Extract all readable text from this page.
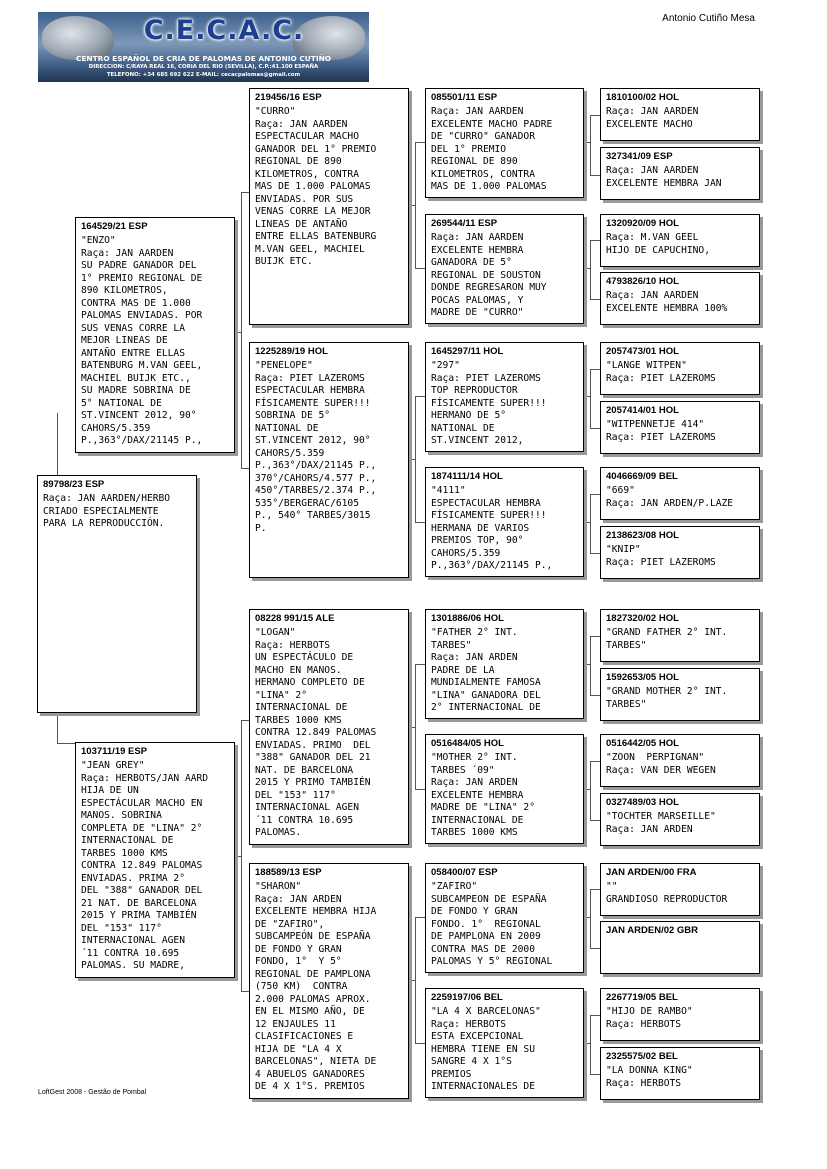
C.E.C.A.C.
CENTRO ESPAÑOL DE CRIA DE PALOMAS DE ANTONIO CUTIÑO
DIRECCION: C/RAYA REAL 16, CORIA DEL RIO (SEVILLA), C.P.:41.100 ESPAÑA
TELEFONO: +34 685 692 622 E-MAIL: cecacpalomas@gmail.com
Antonio Cutiño Mesa
89798/23 ESP
Raça: JAN AARDEN/HERBO
CRIADO ESPECIALMENTE
PARA LA REPRODUCCIÓN.
164529/21 ESP
"ENZO"
Raça: JAN AARDEN
SU PADRE GANADOR DEL
1° PREMIO REGIONAL DE
890 KILOMETROS,
CONTRA MAS DE 1.000
PALOMAS ENVIADAS. POR
SUS VENAS CORRE LA
MEJOR LINEAS DE
ANTAÑO ENTRE ELLAS
BATENBURG M.VAN GEEL,
MACHIEL BUIJK ETC.,
SU MADRE SOBRINA DE
5° NATIONAL DE
ST.VINCENT 2012, 90°
CAHORS/5.359
P.,363°/DAX/21145 P.,
103711/19 ESP
"JEAN GREY"
Raça: HERBOTS/JAN AARD
HIJA DE UN
ESPECTÁCULAR MACHO EN
MANOS. SOBRINA
COMPLETA DE "LINA" 2°
INTERNACIONAL DE
TARBES 1000 KMS
CONTRA 12.849 PALOMAS
ENVIADAS. PRIMA 2°
DEL "388" GANADOR DEL
21 NAT. DE BARCELONA
2015 Y PRIMA TAMBIÉN
DEL "153" 117°
INTERNACIONAL AGEN
´11 CONTRA 10.695
PALOMAS. SU MADRE,
219456/16 ESP
"CURRO"
Raça: JAN AARDEN
ESPECTACULAR MACHO
GANADOR DEL 1° PREMIO
REGIONAL DE 890
KILOMETROS, CONTRA
MAS DE 1.000 PALOMAS
ENVIADAS. POR SUS
VENAS CORRE LA MEJOR
LINEAS DE ANTAÑO
ENTRE ELLAS BATENBURG
M.VAN GEEL, MACHIEL
BUIJK ETC.
1225289/19 HOL
"PENELOPE"
Raça: PIET LAZEROMS
ESPECTACULAR HEMBRA
FÍSICAMENTE SUPER!!!
SOBRINA DE 5°
NATIONAL DE
ST.VINCENT 2012, 90°
CAHORS/5.359
P.,363°/DAX/21145 P.,
370°/CAHORS/4.577 P.,
450°/TARBES/2.374 P.,
535°/BERGERAC/6105
P., 540° TARBES/3015
P.
08228 991/15 ALE
"LOGAN"
Raça: HERBOTS
UN ESPECTÁCULO DE
MACHO EN MANOS.
HERMANO COMPLETO DE
"LINA" 2°
INTERNACIONAL DE
TARBES 1000 KMS
CONTRA 12.849 PALOMAS
ENVIADAS. PRIMO  DEL
"388" GANADOR DEL 21
NAT. DE BARCELONA
2015 Y PRIMO TAMBIÉN
DEL "153" 117°
INTERNACIONAL AGEN
´11 CONTRA 10.695
PALOMAS.
188589/13 ESP
"SHARON"
Raça: JAN ARDEN
EXCELENTE HEMBRA HIJA
DE "ZAFIRO",
SUBCAMPEÓN DE ESPAÑA
DE FONDO Y GRAN
FONDO, 1°  Y 5°
REGIONAL DE PAMPLONA
(750 KM)  CONTRA
2.000 PALOMAS APROX.
EN EL MISMO AÑO, DE
12 ENJAULES 11
CLASIFICACIONES E
HIJA DE "LA 4 X
BARCELONAS", NIETA DE
4 ABUELOS GANADORES
DE 4 X 1°S. PREMIOS
085501/11 ESP
Raça: JAN AARDEN
EXCELENTE MACHO PADRE
DE "CURRO" GANADOR
DEL 1° PREMIO
REGIONAL DE 890
KILOMETROS, CONTRA
MAS DE 1.000 PALOMAS
269544/11 ESP
Raça: JAN AARDEN
EXCELENTE HEMBRA
GANADORA DE 5°
REGIONAL DE SOUSTON
DONDE REGRESARON MUY
POCAS PALOMAS, Y
MADRE DE "CURRO"
1645297/11 HOL
"297"
Raça: PIET LAZEROMS
TOP REPRODUCTOR
FÍSICAMENTE SUPER!!!
HERMANO DE 5°
NATIONAL DE
ST.VINCENT 2012,
1874111/14 HOL
"4111"
ESPECTACULAR HEMBRA
FÍSICAMENTE SUPER!!!
HERMANA DE VARIOS
PREMIOS TOP, 90°
CAHORS/5.359
P.,363°/DAX/21145 P.,
1301886/06 HOL
"FATHER 2° INT.
TARBES"
Raça: JAN ARDEN
PADRE DE LA
MUNDIALMENTE FAMOSA
"LINA" GANADORA DEL
2° INTERNACIONAL DE
0516484/05 HOL
"MOTHER 2° INT.
TARBES ´09"
Raça: JAN ARDEN
EXCELENTE HEMBRA
MADRE DE "LINA" 2°
INTERNACIONAL DE
TARBES 1000 KMS
058400/07 ESP
"ZAFIRO"
SUBCAMPEON DE ESPAÑA
DE FONDO Y GRAN
FONDO. 1°  REGIONAL
DE PAMPLONA EN 2009
CONTRA MAS DE 2000
PALOMAS Y 5° REGIONAL
2259197/06 BEL
"LA 4 X BARCELONAS"
Raça: HERBOTS
ESTA EXCEPCIONAL
HEMBRA TIENE EN SU
SANGRE 4 X 1°S
PREMIOS
INTERNACIONALES DE
1810100/02 HOL
Raça: JAN AARDEN
EXCELENTE MACHO
327341/09 ESP
Raça: JAN AARDEN
EXCELENTE HEMBRA JAN
1320920/09 HOL
Raça: M.VAN GEEL
HIJO DE CAPUCHINO,
4793826/10 HOL
Raça: JAN AARDEN
EXCELENTE HEMBRA 100%
2057473/01 HOL
"LANGE WITPEN"
Raça: PIET LAZEROMS
2057414/01 HOL
"WITPENNETJE 414"
Raça: PIET LAZEROMS
4046669/09 BEL
"669"
Raça: JAN ARDEN/P.LAZE
2138623/08 HOL
"KNIP"
Raça: PIET LAZEROMS
1827320/02 HOL
"GRAND FATHER 2° INT.
TARBES"
1592653/05 HOL
"GRAND MOTHER 2° INT.
TARBES"
0516442/05 HOL
"ZOON  PERPIGNAN"
Raça: VAN DER WEGEN
0327489/03 HOL
"TOCHTER MARSEILLE"
Raça: JAN ARDEN
JAN ARDEN/00 FRA
""
GRANDIOSO REPRODUCTOR
JAN ARDEN/02 GBR
2267719/05 BEL
"HIJO DE RAMBO"
Raça: HERBOTS
2325575/02 BEL
"LA DONNA KING"
Raça: HERBOTS
LoftGest 2008 - Gestão de Pombal
